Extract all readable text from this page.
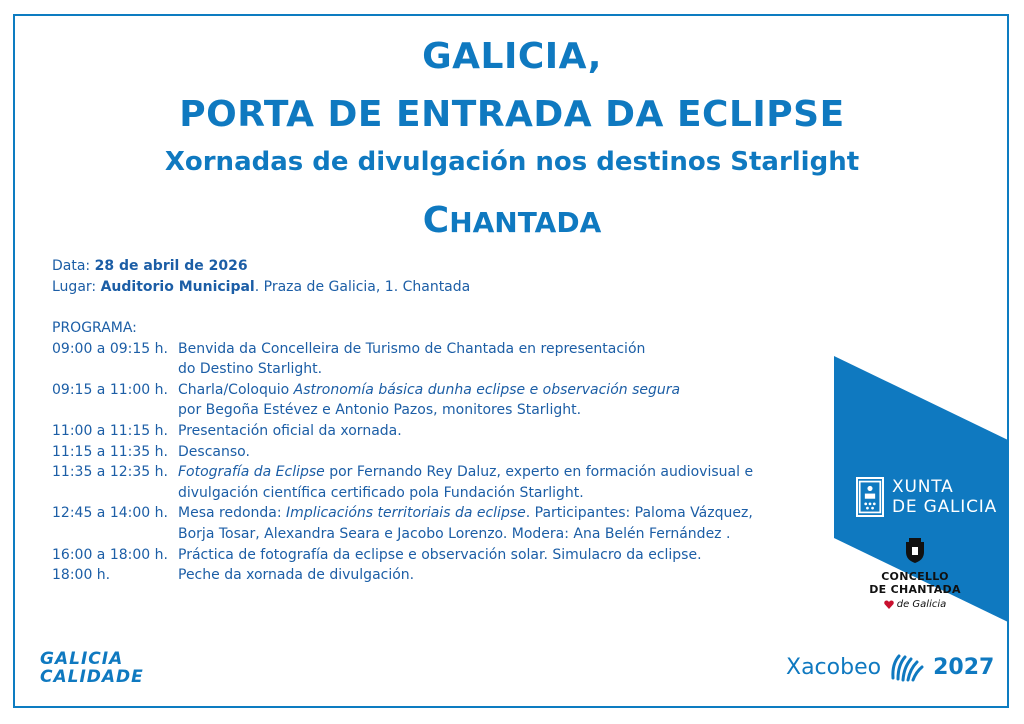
GALICIA,
PORTA DE ENTRADA DA ECLIPSE
Xornadas de divulgación nos destinos Starlight
CHANTADA
Data: 28 de abril de 2026
Lugar: Auditorio Municipal. Praza de Galicia, 1. Chantada
PROGRAMA:
09:00 a 09:15 h. Benvida da Concelleira de Turismo de Chantada en representación
do Destino Starlight.
09:15 a 11:00 h. Charla/Coloquio Astronomía básica dunha eclipse e observación segura
por Begoña Estévez e Antonio Pazos, monitores Starlight.
11:00 a 11:15 h. Presentación oficial da xornada.
11:15 a 11:35 h. Descanso.
11:35 a 12:35 h. Fotografía da Eclipse por Fernando Rey Daluz, experto en formación audiovisual e
divulgación científica certificado pola Fundación Starlight.
12:45 a 14:00 h. Mesa redonda: Implicacións territoriais da eclipse. Participantes: Paloma Vázquez,
Borja Tosar, Alexandra Seara e Jacobo Lorenzo. Modera: Ana Belén Fernández .
16:00 a 18:00 h. Práctica de fotografía da eclipse e observación solar. Simulacro da eclipse.
18:00 h.	Peche da xornada de divulgación.
XUNTA
DE GALICIA
CONCELLO
DE CHANTADA
de Galicia
GALICIA
CALIDADE	Xacobeo 2027
